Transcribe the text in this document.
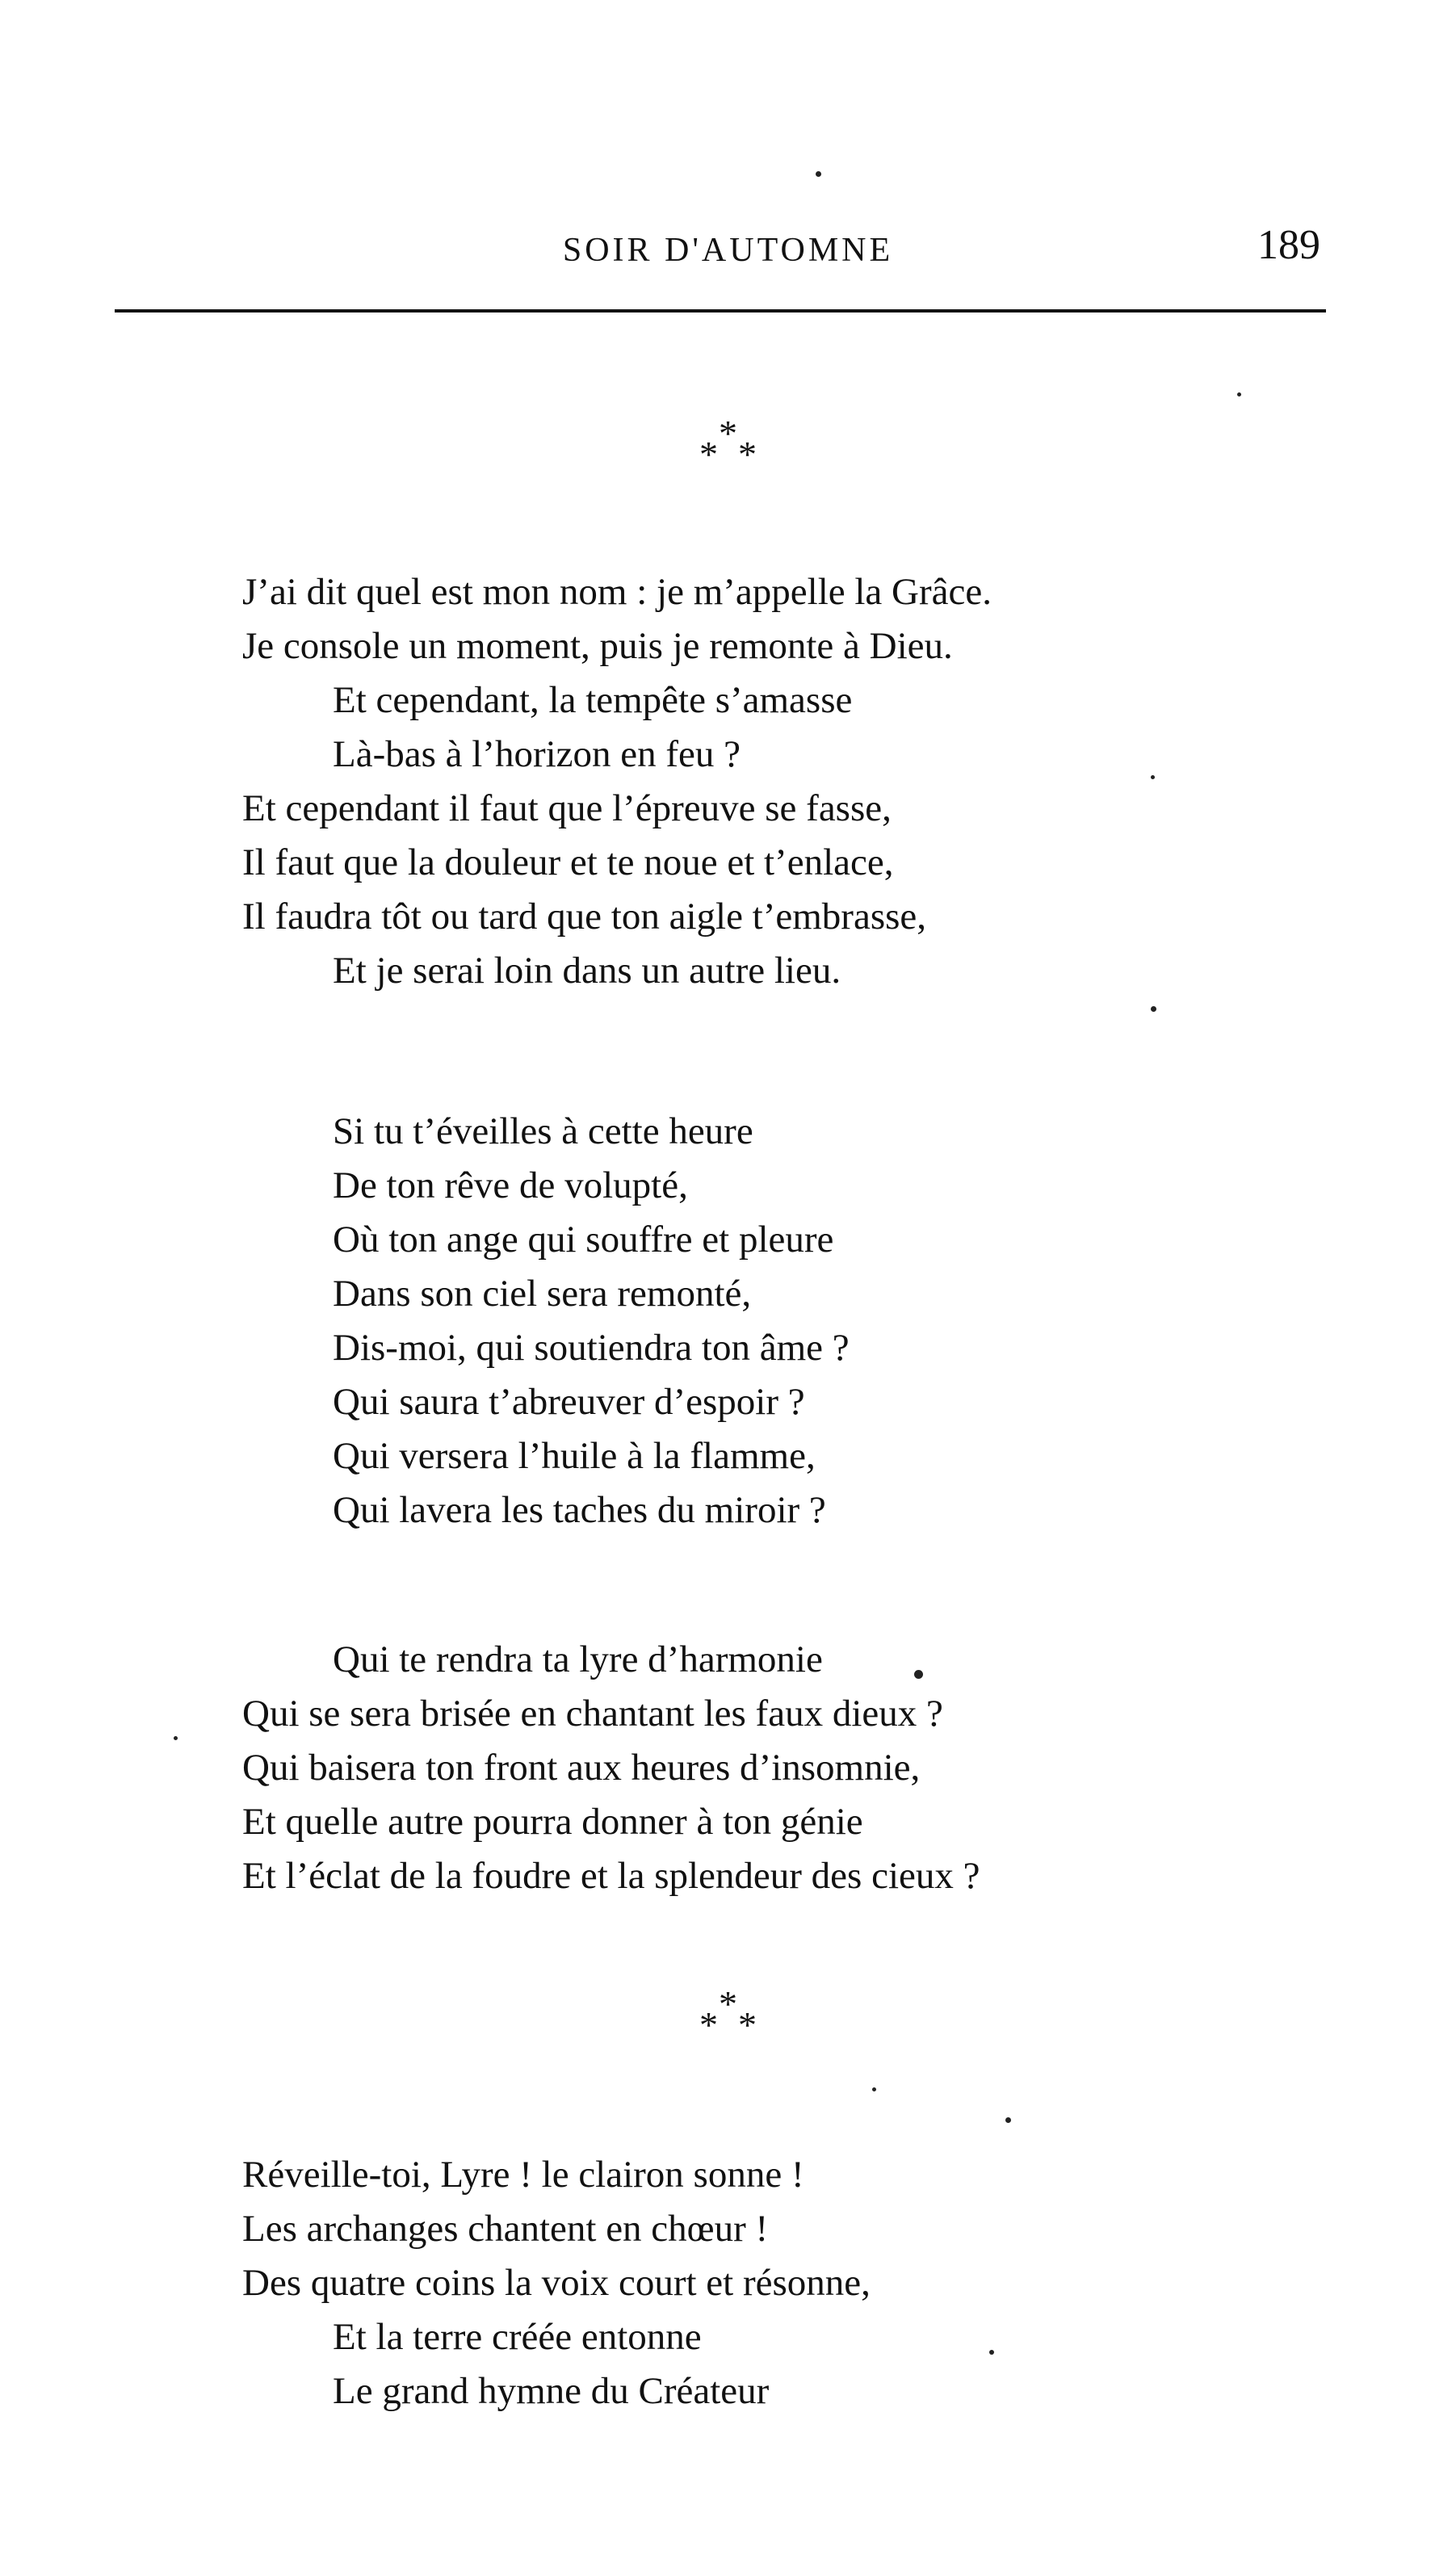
SOIR D'AUTOMNE	189
***
J’ai dit quel est mon nom : je m’appelle la Grâce.
Je console un moment, puis je remonte à Dieu.
Et cependant, la tempête s’amasse
Là-bas à l’horizon en feu ?
Et cependant il faut que l’épreuve se fasse,
Il faut que la douleur et te noue et t’enlace,
Il faudra tôt ou tard que ton aigle t’embrasse,
Et je serai loin dans un autre lieu.
Si tu t’éveilles à cette heure
De ton rêve de volupté,
Où ton ange qui souffre et pleure
Dans son ciel sera remonté,
Dis-moi, qui soutiendra ton âme ?
Qui saura t’abreuver d’espoir ?
Qui versera l’huile à la flamme,
Qui lavera les taches du miroir ?
Qui te rendra ta lyre d’harmonie
Qui se sera brisée en chantant les faux dieux ?
Qui baisera ton front aux heures d’insomnie,
Et quelle autre pourra donner à ton génie
Et l’éclat de la foudre et la splendeur des cieux ?
***
Réveille-toi, Lyre ! le clairon sonne !
Les archanges chantent en chœur !
Des quatre coins la voix court et résonne,
Et la terre créée entonne
Le grand hymne du Créateur
